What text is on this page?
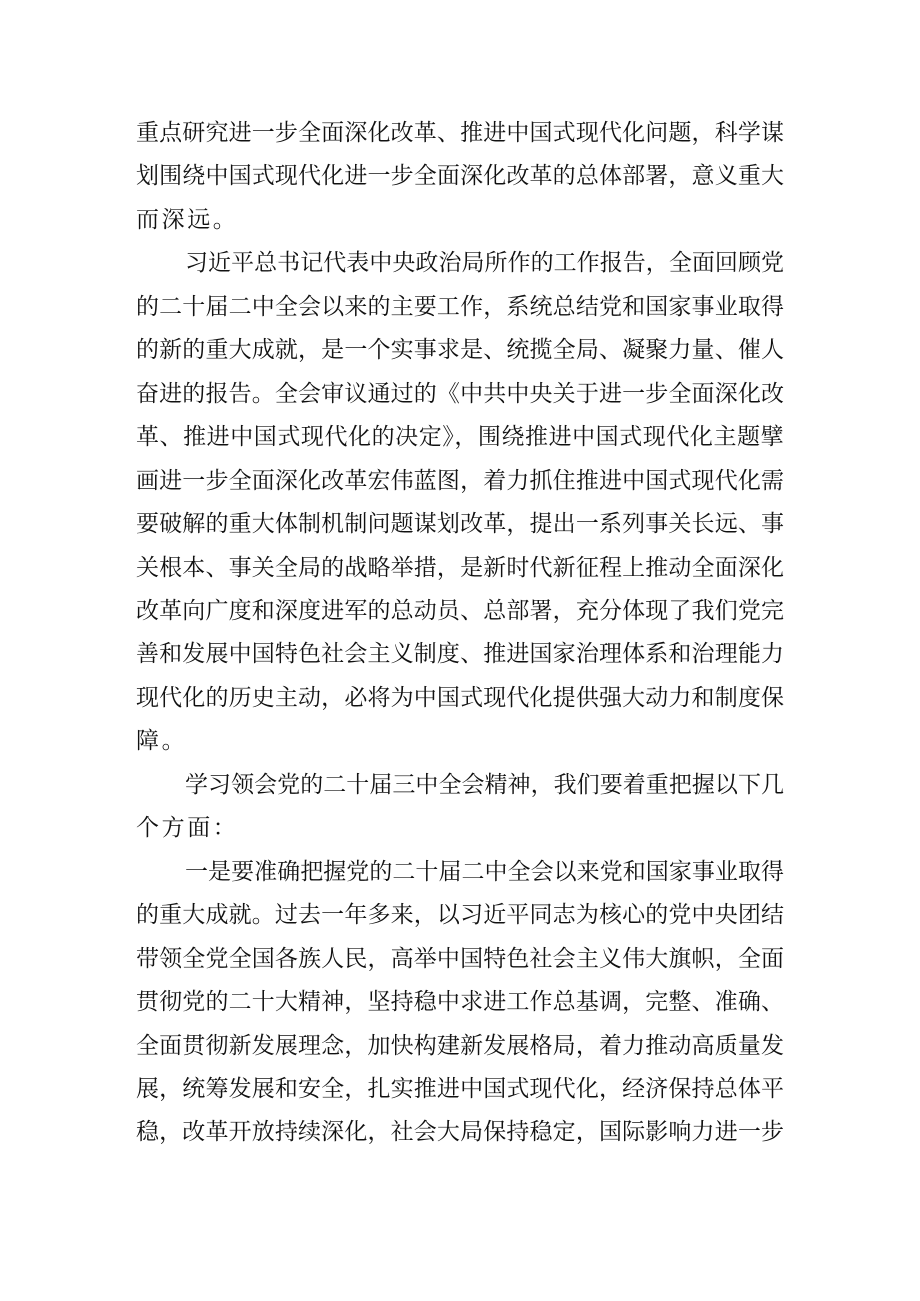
重点研究进一步全面深化改革、推进中国式现代化问题，科学谋
划围绕中国式现代化进一步全面深化改革的总体部署，意义重大
而深远。
习近平总书记代表中央政治局所作的工作报告，全面回顾党
的二十届二中全会以来的主要工作，系统总结党和国家事业取得
的新的重大成就，是一个实事求是、统揽全局、凝聚力量、催人
奋进的报告。全会审议通过的《中共中央关于进一步全面深化改
革、推进中国式现代化的决定》，围绕推进中国式现代化主题擘
画进一步全面深化改革宏伟蓝图，着力抓住推进中国式现代化需
要破解的重大体制机制问题谋划改革，提出一系列事关长远、事
关根本、事关全局的战略举措，是新时代新征程上推动全面深化
改革向广度和深度进军的总动员、总部署，充分体现了我们党完
善和发展中国特色社会主义制度、推进国家治理体系和治理能力
现代化的历史主动，必将为中国式现代化提供强大动力和制度保
障。
学习领会党的二十届三中全会精神，我们要着重把握以下几
个方面：
一是要准确把握党的二十届二中全会以来党和国家事业取得
的重大成就。过去一年多来，以习近平同志为核心的党中央团结
带领全党全国各族人民，高举中国特色社会主义伟大旗帜，全面
贯彻党的二十大精神，坚持稳中求进工作总基调，完整、准确、
全面贯彻新发展理念，加快构建新发展格局，着力推动高质量发
展，统筹发展和安全，扎实推进中国式现代化，经济保持总体平
稳，改革开放持续深化，社会大局保持稳定，国际影响力进一步
